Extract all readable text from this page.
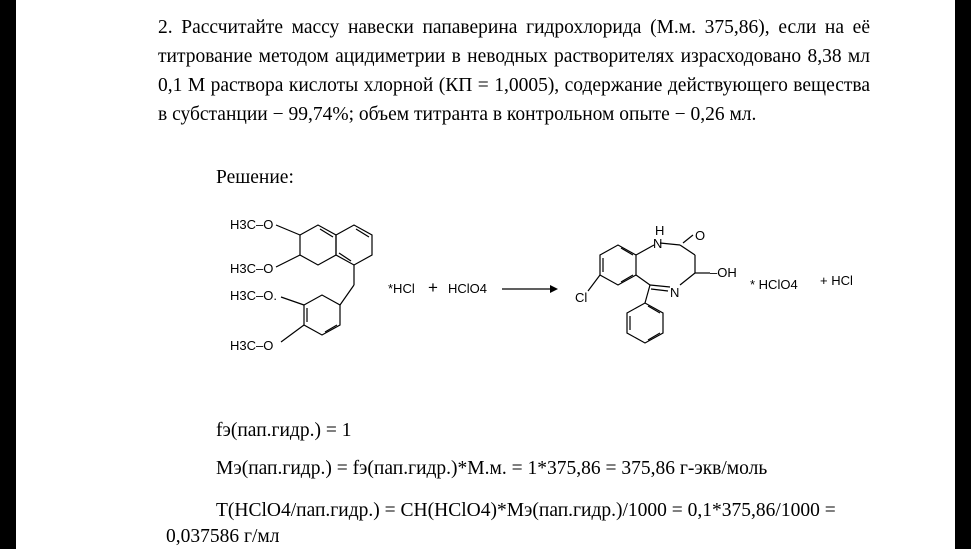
2. Рассчитайте массу навески папаверина гидрохлорида (М.м. 375,86), если на её титрование методом ацидиметрии в неводных растворителях израсходовано 8,38 мл 0,1 М раствора кислоты хлорной (КП = 1,0005), содержание действующего вещества в субстанции − 99,74%; объем титранта в контрольном опыте − 0,26 мл.
Решение:
H3C–O
H3C–O
H3C–O.
H3C–O
*HCl + HClO4
N
H O
–OH
N
Cl
* HClO4 + HCl
fэ(пап.гидр.) = 1
Mэ(пап.гидр.) = fэ(пап.гидр.)*М.м. = 1*375,86 = 375,86 г-экв/моль
T(HClO4/пап.гидр.) = CН(HClO4)*Mэ(пап.гидр.)/1000 = 0,1*375,86/1000 =
0,037586 г/мл
